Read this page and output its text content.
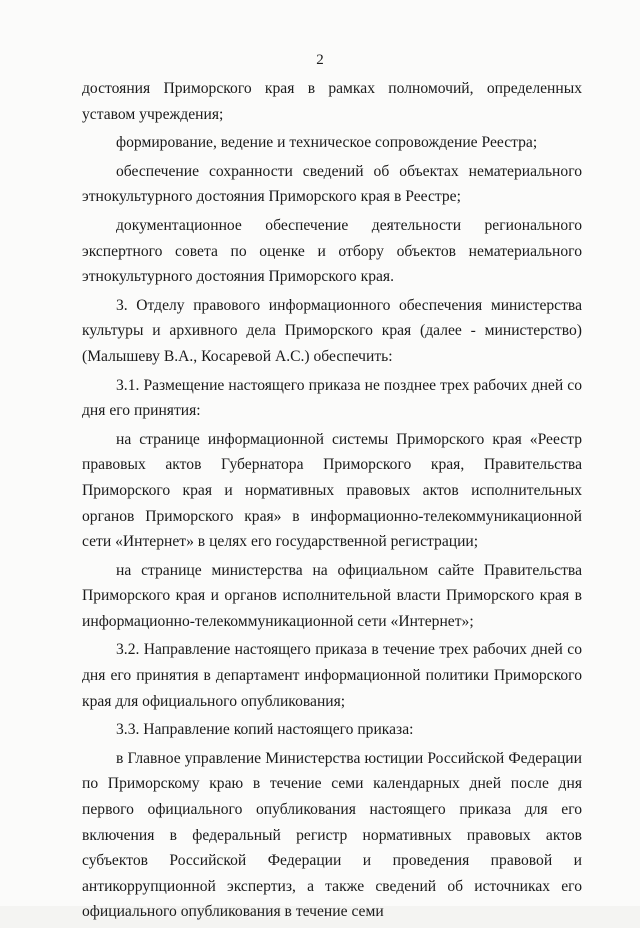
2

достояния Приморского края в рамках полномочий, определенных уставом учреждения;

формирование, ведение и техническое сопровождение Реестра;

обеспечение сохранности сведений об объектах нематериального этнокультурного достояния Приморского края в Реестре;

документационное обеспечение деятельности регионального экспертного совета по оценке и отбору объектов нематериального этнокультурного достояния Приморского края.

3. Отделу правового информационного обеспечения министерства культуры и архивного дела Приморского края (далее - министерство) (Малышеву В.А., Косаревой А.С.) обеспечить:

3.1. Размещение настоящего приказа не позднее трех рабочих дней со дня его принятия:

на странице информационной системы Приморского края «Реестр правовых актов Губернатора Приморского края, Правительства Приморского края и нормативных правовых актов исполнительных органов Приморского края» в информационно-телекоммуникационной сети «Интернет» в целях его государственной регистрации;

на странице министерства на официальном сайте Правительства Приморского края и органов исполнительной власти Приморского края в информационно-телекоммуникационной сети «Интернет»;

3.2. Направление настоящего приказа в течение трех рабочих дней со дня его принятия в департамент информационной политики Приморского края для официального опубликования;

3.3. Направление копий настоящего приказа:

в Главное управление Министерства юстиции Российской Федерации по Приморскому краю в течение семи календарных дней после дня первого официального опубликования настоящего приказа для его включения в федеральный регистр нормативных правовых актов субъектов Российской Федерации и проведения правовой и антикоррупционной экспертиз, а также сведений об источниках его официального опубликования в течение семи
